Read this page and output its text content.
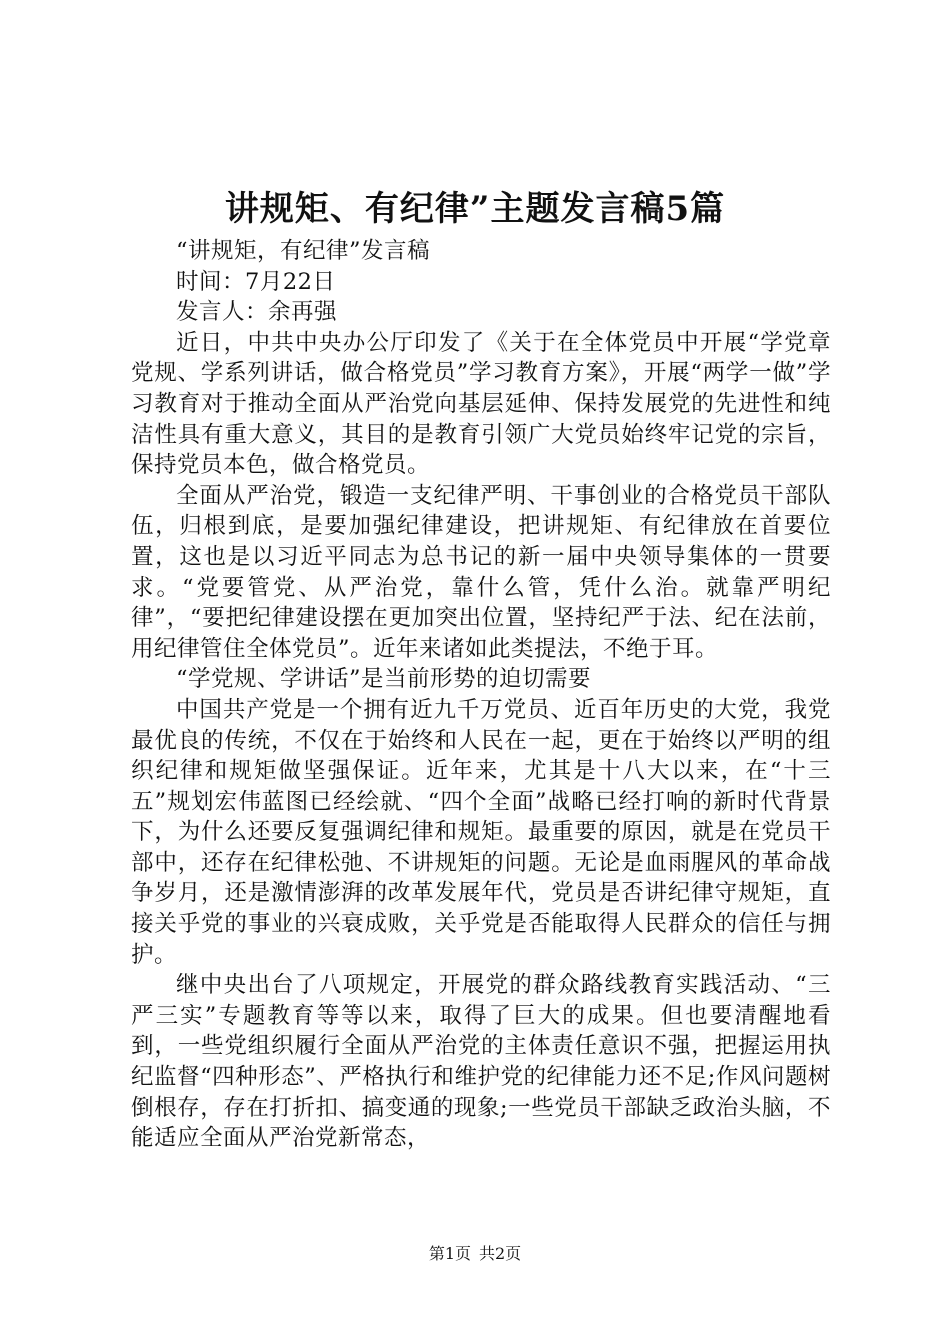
讲规矩、有纪律”主题发言稿5篇

“讲规矩，有纪律”发言稿

时间：7月22日

发言人：余再强

近日，中共中央办公厅印发了《关于在全体党员中开展“学党章党规、学系列讲话，做合格党员”学习教育方案》，开展“两学一做”学习教育对于推动全面从严治党向基层延伸、保持发展党的先进性和纯洁性具有重大意义，其目的是教育引领广大党员始终牢记党的宗旨，保持党员本色，做合格党员。

全面从严治党，锻造一支纪律严明、干事创业的合格党员干部队伍，归根到底，是要加强纪律建设，把讲规矩、有纪律放在首要位置，这也是以习近平同志为总书记的新一届中央领导集体的一贯要求。“党要管党、从严治党，靠什么管，凭什么治。就靠严明纪律”，“要把纪律建设摆在更加突出位置，坚持纪严于法、纪在法前，用纪律管住全体党员”。近年来诸如此类提法，不绝于耳。

“学党规、学讲话”是当前形势的迫切需要

中国共产党是一个拥有近九千万党员、近百年历史的大党，我党最优良的传统，不仅在于始终和人民在一起，更在于始终以严明的组织纪律和规矩做坚强保证。近年来，尤其是十八大以来，在“十三五”规划宏伟蓝图已经绘就、“四个全面”战略已经打响的新时代背景下，为什么还要反复强调纪律和规矩。最重要的原因，就是在党员干部中，还存在纪律松弛、不讲规矩的问题。无论是血雨腥风的革命战争岁月，还是激情澎湃的改革发展年代，党员是否讲纪律守规矩，直接关乎党的事业的兴衰成败，关乎党是否能取得人民群众的信任与拥护。

继中央出台了八项规定，开展党的群众路线教育实践活动、“三严三实”专题教育等等以来，取得了巨大的成果。但也要清醒地看到，一些党组织履行全面从严治党的主体责任意识不强，把握运用执纪监督“四种形态”、严格执行和维护党的纪律能力还不足;作风问题树倒根存，存在打折扣、搞变通的现象;一些党员干部缺乏政治头脑，不能适应全面从严治党新常态，

第1页 共2页
